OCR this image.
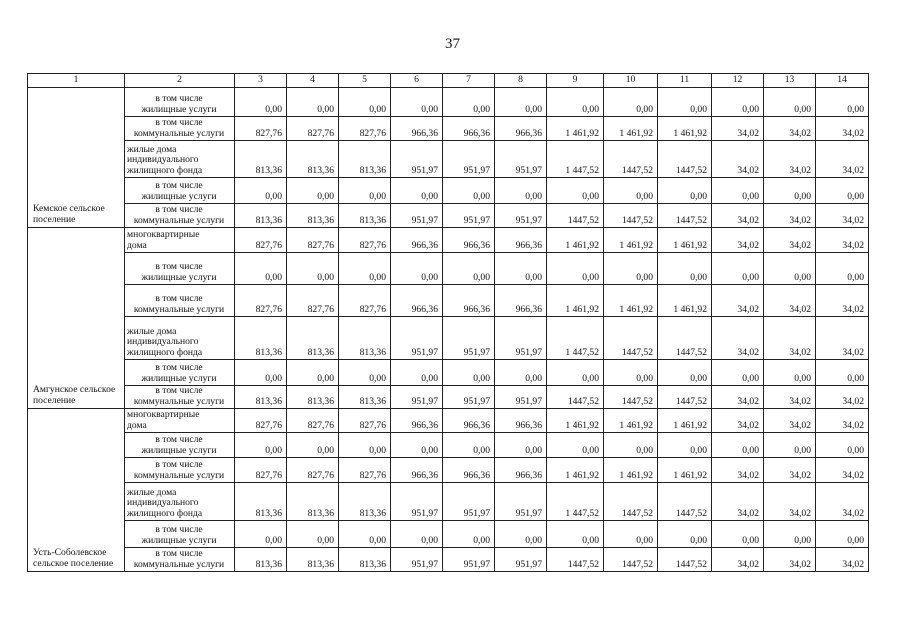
37
1	2	3	4	5	6	7	8	9	10	11	12	13	14
Кемское сельское поселение	в том числе
жилищные услуги	0,00	0,00	0,00	0,00	0,00	0,00	0,00	0,00	0,00	0,00	0,00	0,00

	в том числе
коммунальные услуги	827,76	827,76	827,76	966,36	966,36	966,36	1 461,92	1 461,92	1 461,92	34,02	34,02	34,02

	жилые дома
индивидуального
жилищного фонда	813,36	813,36	813,36	951,97	951,97	951,97	1 447,52	1447,52	1447,52	34,02	34,02	34,02

	в том числе
жилищные услуги	0,00	0,00	0,00	0,00	0,00	0,00	0,00	0,00	0,00	0,00	0,00	0,00

	в том числе
коммунальные услуги	813,36	813,36	813,36	951,97	951,97	951,97	1447,52	1447,52	1447,52	34,02	34,02	34,02
Амгунское сельское поселение	многоквартирные
дома	827,76	827,76	827,76	966,36	966,36	966,36	1 461,92	1 461,92	1 461,92	34,02	34,02	34,02

	в том числе
жилищные услуги	0,00	0,00	0,00	0,00	0,00	0,00	0,00	0,00	0,00	0,00	0,00	0,00

	в том числе
коммунальные услуги	827,76	827,76	827,76	966,36	966,36	966,36	1 461,92	1 461,92	1 461,92	34,02	34,02	34,02

	жилые дома
индивидуального
жилищного фонда	813,36	813,36	813,36	951,97	951,97	951,97	1 447,52	1447,52	1447,52	34,02	34,02	34,02

	в том числе
жилищные услуги	0,00	0,00	0,00	0,00	0,00	0,00	0,00	0,00	0,00	0,00	0,00	0,00

	в том числе
коммунальные услуги	813,36	813,36	813,36	951,97	951,97	951,97	1447,52	1447,52	1447,52	34,02	34,02	34,02
Усть-Соболевское сельское поселение	многоквартирные
дома	827,76	827,76	827,76	966,36	966,36	966,36	1 461,92	1 461,92	1 461,92	34,02	34,02	34,02

	в том числе
жилищные услуги	0,00	0,00	0,00	0,00	0,00	0,00	0,00	0,00	0,00	0,00	0,00	0,00

	в том числе
коммунальные услуги	827,76	827,76	827,76	966,36	966,36	966,36	1 461,92	1 461,92	1 461,92	34,02	34,02	34,02

	жилые дома
индивидуального
жилищного фонда	813,36	813,36	813,36	951,97	951,97	951,97	1 447,52	1447,52	1447,52	34,02	34,02	34,02

	в том числе
жилищные услуги	0,00	0,00	0,00	0,00	0,00	0,00	0,00	0,00	0,00	0,00	0,00	0,00

	в том числе
коммунальные услуги	813,36	813,36	813,36	951,97	951,97	951,97	1447,52	1447,52	1447,52	34,02	34,02	34,02
